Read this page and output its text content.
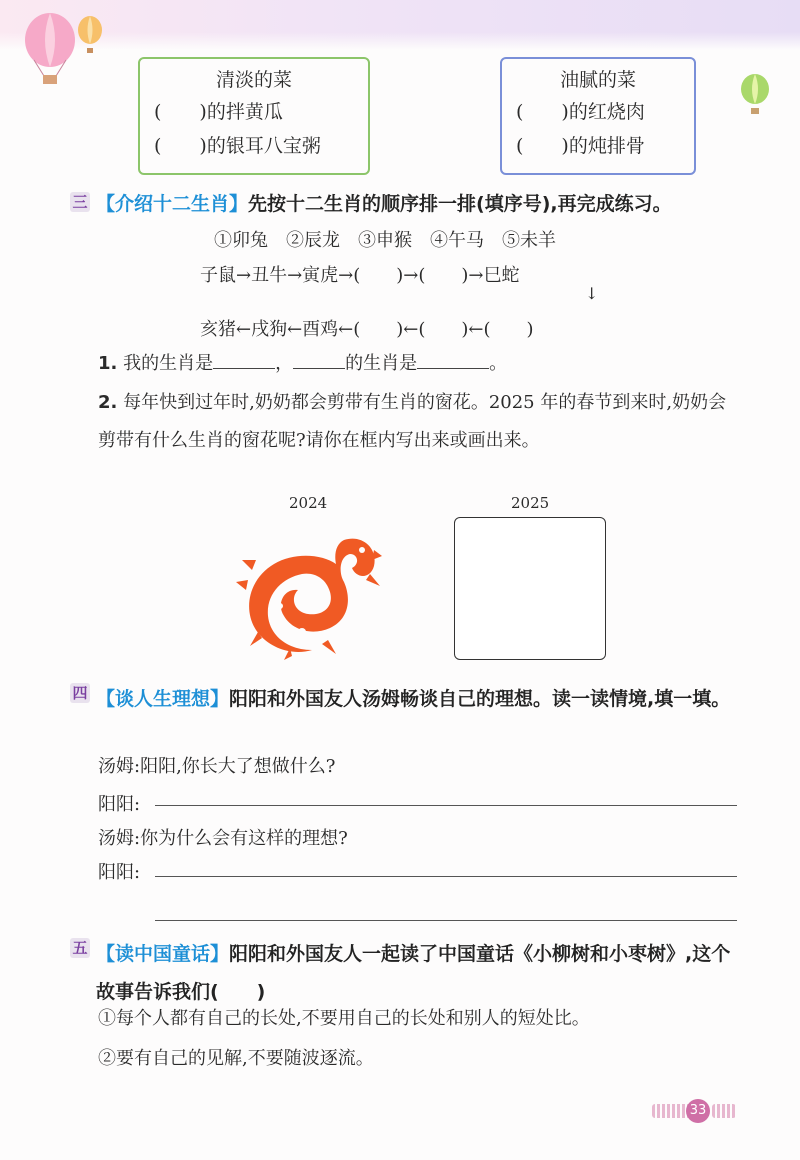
清淡的菜
(　　)的拌黄瓜
(　　)的银耳八宝粥
油腻的菜
(　　)的红烧肉
(　　)的炖排骨
三 【介绍十二生肖】先按十二生肖的顺序排一排(填序号),再完成练习。
①卯兔　②辰龙　③申猴　④午马　⑤未羊
子鼠→丑牛→寅虎→(　　)→(　　)→巳蛇
↓
亥猪←戌狗←酉鸡←(　　)←(　　)←(　　)
1. 我的生肖是	，	的生肖是	。
2. 每年快到过年时,奶奶都会剪带有生肖的窗花。2025 年的春节到来时,奶奶会剪带有什么生肖的窗花呢?请你在框内写出来或画出来。
2024	2025
四 【谈人生理想】阳阳和外国友人汤姆畅谈自己的理想。读一读情境,填一填。
汤姆:阳阳,你长大了想做什么?
阳阳:
汤姆:你为什么会有这样的理想?
阳阳:
五 【读中国童话】阳阳和外国友人一起读了中国童话《小柳树和小枣树》,这个故事告诉我们(　　)
①每个人都有自己的长处,不要用自己的长处和别人的短处比。
②要有自己的见解,不要随波逐流。
33
